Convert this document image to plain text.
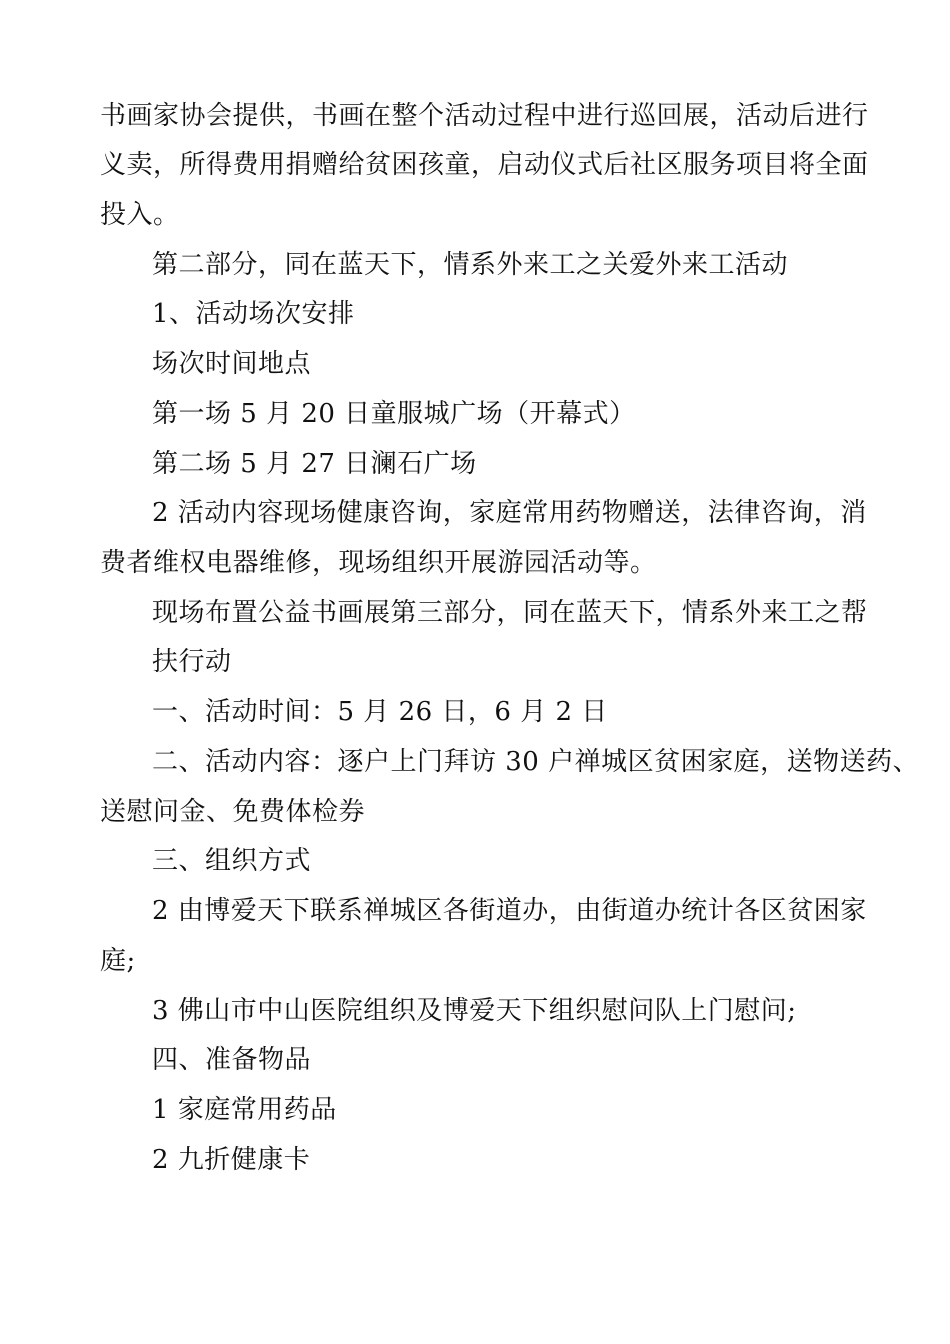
书画家协会提供，书画在整个活动过程中进行巡回展，活动后进行
义卖，所得费用捐赠给贫困孩童，启动仪式后社区服务项目将全面
投入。
第二部分，同在蓝天下，情系外来工之关爱外来工活动
1、活动场次安排
场次时间地点
第一场 5 月 20 日童服城广场（开幕式）
第二场 5 月 27 日澜石广场
2 活动内容现场健康咨询，家庭常用药物赠送，法律咨询，消
费者维权电器维修，现场组织开展游园活动等。
现场布置公益书画展第三部分，同在蓝天下，情系外来工之帮
扶行动
一、活动时间：5 月 26 日，6 月 2 日
二、活动内容：逐户上门拜访 30 户禅城区贫困家庭，送物送药、
送慰问金、免费体检券
三、组织方式
2 由博爱天下联系禅城区各街道办，由街道办统计各区贫困家
庭;
3 佛山市中山医院组织及博爱天下组织慰问队上门慰问;
四、准备物品
1 家庭常用药品
2 九折健康卡
